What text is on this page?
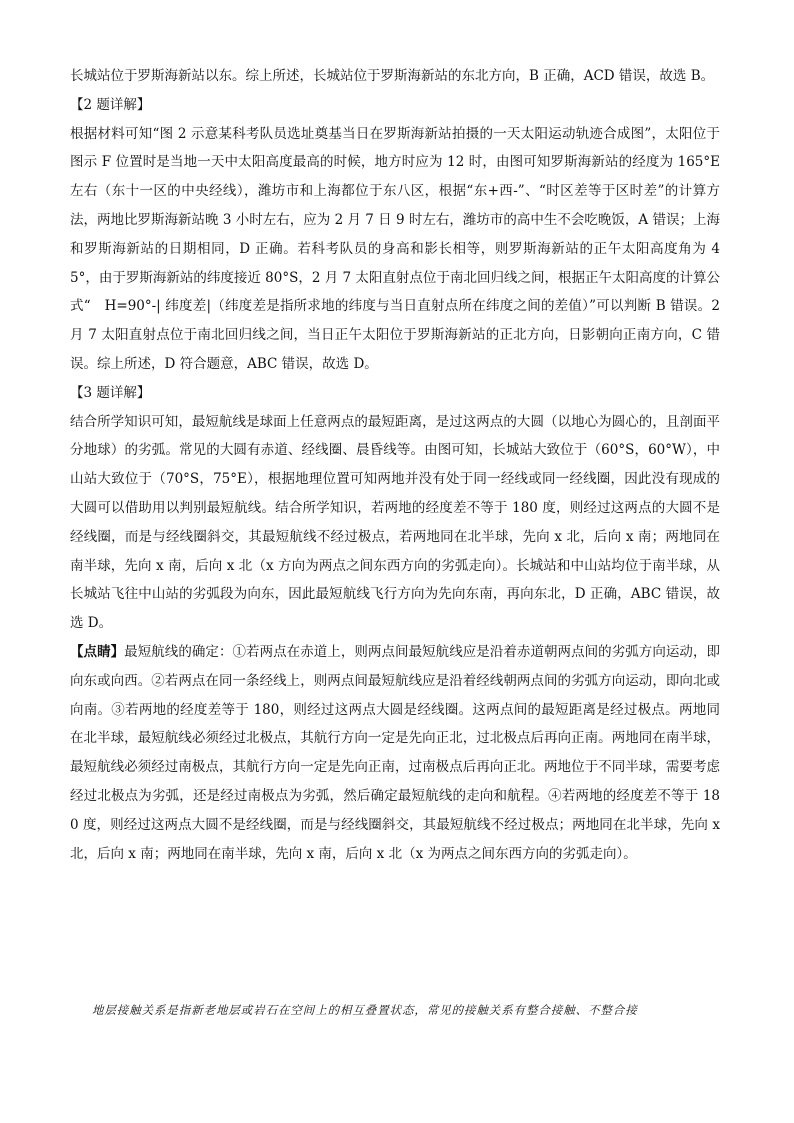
长城站位于罗斯海新站以东。综上所述，长城站位于罗斯海新站的东北方向，B 正确，ACD 错误，故选 B。

【2 题详解】

根据材料可知“图 2 示意某科考队员选址奠基当日在罗斯海新站拍摄的一天太阳运动轨迹合成图”，太阳位于图示 F 位置时是当地一天中太阳高度最高的时候，地方时应为 12 时，由图可知罗斯海新站的经度为 165°E 左右（东十一区的中央经线），潍坊市和上海都位于东八区，根据“东+西-”、“时区差等于区时差”的计算方法，两地比罗斯海新站晚 3 小时左右，应为 2 月 7 日 9 时左右，潍坊市的高中生不会吃晚饭，A 错误；上海和罗斯海新站的日期相同，D 正确。若科考队员的身高和影长相等，则罗斯海新站的正午太阳高度角为 45°，由于罗斯海新站的纬度接近 80°S，2 月 7 太阳直射点位于南北回归线之间，根据正午太阳高度的计算公式“　H=90°-| 纬度差|（纬度差是指所求地的纬度与当日直射点所在纬度之间的差值）”可以判断 B 错误。2 月 7 太阳直射点位于南北回归线之间，当日正午太阳位于罗斯海新站的正北方向，日影朝向正南方向，C 错误。综上所述，D 符合题意，ABC 错误，故选 D。

【3 题详解】

结合所学知识可知，最短航线是球面上任意两点的最短距离，是过这两点的大圆（以地心为圆心的，且剖面平分地球）的劣弧。常见的大圆有赤道、经线圈、晨昏线等。由图可知，长城站大致位于（60°S，60°W），中山站大致位于（70°S，75°E），根据地理位置可知两地并没有处于同一经线或同一经线圈，因此没有现成的大圆可以借助用以判别最短航线。结合所学知识，若两地的经度差不等于 180 度，则经过这两点的大圆不是经线圈，而是与经线圈斜交，其最短航线不经过极点，若两地同在北半球，先向 x 北，后向 x 南；两地同在南半球，先向 x 南，后向 x 北（x 方向为两点之间东西方向的劣弧走向）。长城站和中山站均位于南半球，从长城站飞往中山站的劣弧段为向东，因此最短航线飞行方向为先向东南，再向东北，D 正确，ABC 错误，故选 D。

【点睛】最短航线的确定：①若两点在赤道上，则两点间最短航线应是沿着赤道朝两点间的劣弧方向运动，即向东或向西。②若两点在同一条经线上，则两点间最短航线应是沿着经线朝两点间的劣弧方向运动，即向北或向南。③若两地的经度差等于 180，则经过这两点大圆是经线圈。这两点间的最短距离是经过极点。两地同在北半球，最短航线必须经过北极点，其航行方向一定是先向正北，过北极点后再向正南。两地同在南半球，最短航线必须经过南极点，其航行方向一定是先向正南，过南极点后再向正北。两地位于不同半球，需要考虑经过北极点为劣弧，还是经过南极点为劣弧，然后确定最短航线的走向和航程。④若两地的经度差不等于 180 度，则经过这两点大圆不是经线圈，而是与经线圈斜交，其最短航线不经过极点；两地同在北半球，先向 x 北，后向 x 南；两地同在南半球，先向 x 南，后向 x 北（x 为两点之间东西方向的劣弧走向）。

地层接触关系是指新老地层或岩石在空间上的相互叠置状态，常见的接触关系有整合接触、不整合接
